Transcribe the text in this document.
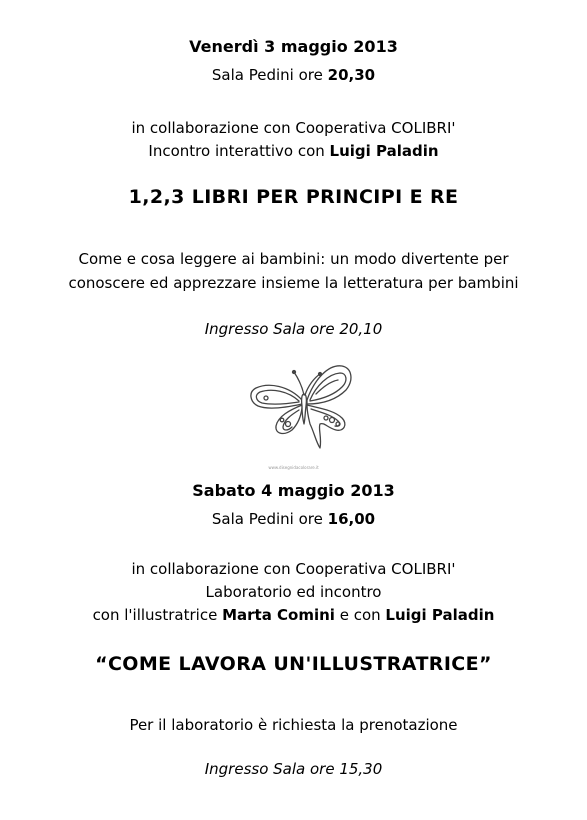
Venerdì 3 maggio 2013
Sala Pedini ore 20,30
in collaborazione con Cooperativa COLIBRI'
Incontro interattivo con Luigi Paladin
1,2,3 LIBRI PER PRINCIPI E RE
Come e cosa leggere ai bambini: un modo divertente per
conoscere ed apprezzare insieme la letteratura per bambini
Ingresso Sala ore 20,10
www.disegnidacolorare.it
Sabato 4 maggio 2013
Sala Pedini ore 16,00
in collaborazione con Cooperativa COLIBRI'
Laboratorio ed incontro
con l'illustratrice Marta Comini e con Luigi Paladin
“COME LAVORA UN'ILLUSTRATRICE”
Per il laboratorio è richiesta la prenotazione
Ingresso Sala ore 15,30
